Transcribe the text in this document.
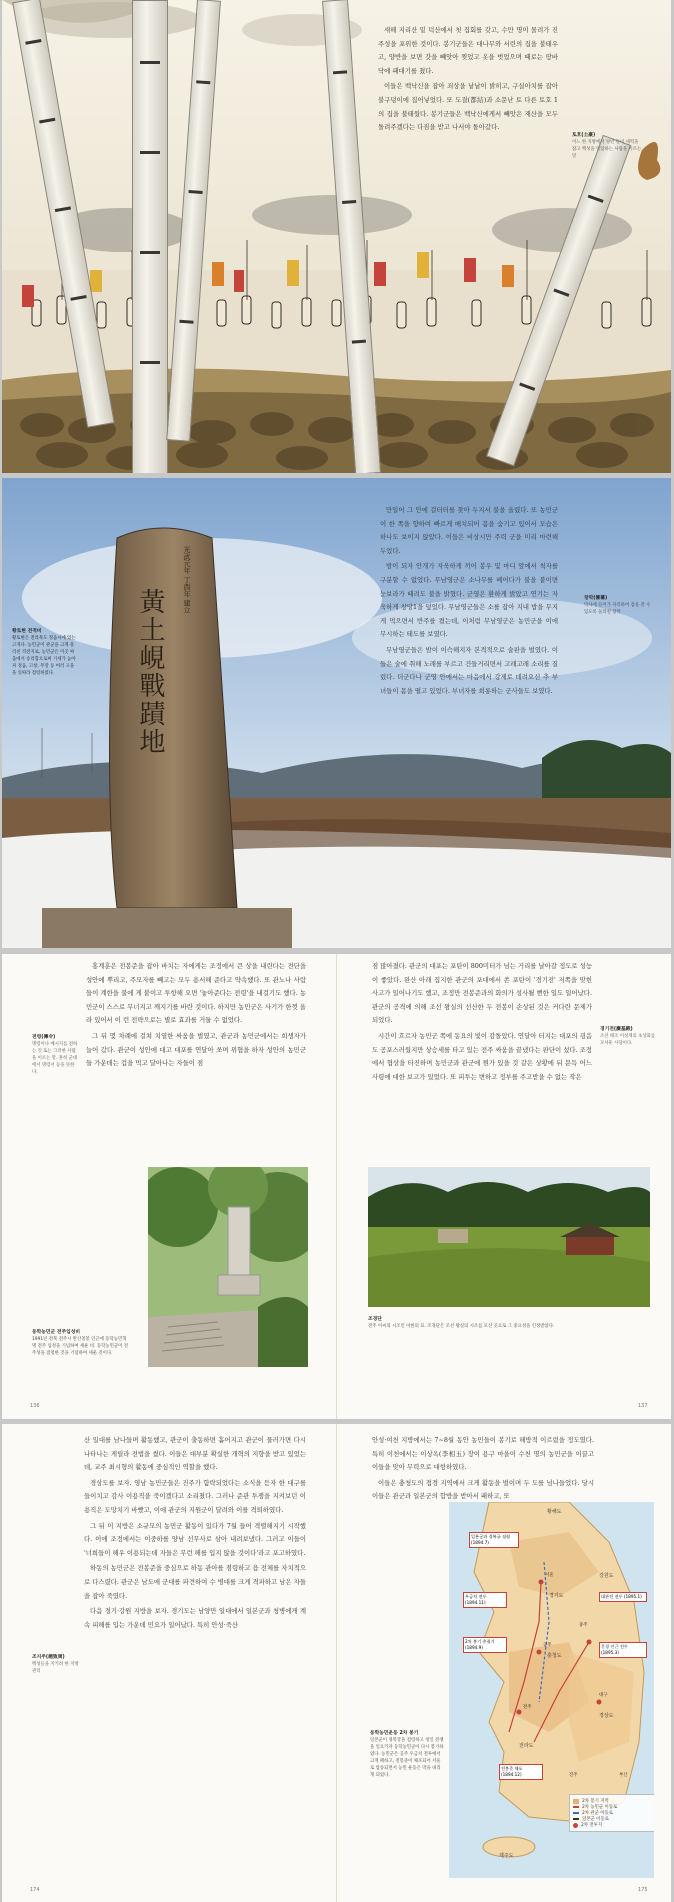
새해 지리산 밑 덕산에서 첫 집회를 갖고, 수만 명이 몰려가 진주성을 포위한 것이다. 봉기군들은 대나무와 서린의 집을 불태우고, 양반을 보면 갓을 빼앗아 찢었고 옷을 벗었으며 때로는 땅바닥에 패대기를 쳤다.

이들은 백낙신을 잡아 죄상을 낱낱이 밝히고, 구실아치를 잡아 불구덩이에 집어넣었다. 또 도결(都結)과 소문난 토 다른 토호 1의 집을 불태웠다. 봉기군들은 백낙신에게서 빼앗은 재산을 모두 돌려주겠다는 다짐을 받고 나서야 돌아갔다.

토호(土豪)
어느 한 지방에서 양반 들이 세력을 잡고 백성을 억압하는 사람을 이르는 말
黃土峴戰蹟地
光武元年 丁酉年 建立

만일어 그 안에 걸터터를 찾아 두지서 불을 올렸다. 또 농민군이 한 쪽을 향하여 빠르게 매치되어 몸을 숨기고 있어서 모습은 하나도 보이지 않았다. 이들은 비상시만 주력 군을 미리 마련해 두었다.

밤이 되자 안개가 자욱하게 끼어 봉우 및 마디 앞에서 척자를 구분할 수 없었다. 무남영군은 소나무를 베어다가 불을 붙이면 눈보라가 때려도 불을 밝혔다. 군영은 환하게 밝았고 연기는 자욱하게 창망1을 덮었다. 무남영군들은 소를 잡아 지내 밥을 무지게 먹으면서 반주를 켰는데, 이처럼 무남영군은 농민군을 이에 무시하는 태도를 보였다.

무남영군들은 밤이 이슥해지자 본격적으로 술판을 벌였다. 이들은 술에 취해 노래를 부르고 건들거리면서 고래고래 소리를 질렀다. 더군다나 군영 안에서는 마음에서 강제로 데려오신 추 부녀들이 몸을 떨고 있었다. 부녀자를 희롱하는 군사들도 보였다.

창막(營幕)
막사에 들어가 자리하여 잠을 잘 수 있도록 둘러친 장막
황토현 전적비
황토현은 전라북도 정읍시에 있는 고개다. 농민군이 관군을 크게 물리친 격전지로, 농민군은 이곳 싸움에서 승리함으로써 기세가 높아져 정읍, 고창, 무장 등 여러 고을을 잇따라 점령하였다.

홍계훈은 전봉준을 잡아 바치는 자에게는 조정에서 큰 상을 내린다는 전단을 성안에 뿌리고, 주모자를 빼고는 모두 용서해 준다고 약속했다. 또 관노나 사람들이 계한을 불에 게 붙이고 투항해 오면 '놓아준다는 전령'을 내걸기도 했다. 농민군이 스스로 무너지고 깨지기를 바란 것이다. 하지만 농민군은 사기가 한껏 올라 있어서 이 런 전략으로는 별로 효과를 거둘 수 없었다.

그 뒤 몇 차례에 걸쳐 치열한 싸움을 벌였고, 관군과 농민군에서는 희생자가 늘어 갔다. 관군이 성안에 대고 대포를 연달아 쏘며 위협을 하자 성안의 농민군들 가운데는 겁을 먹고 달아나는 자들이 점

전령(傳令)
명령이나 메시지를 전하는 것 또는 그러한 사람을 이르는 말. 흔히 군대에서 명령서 등을 뜻한다.

점 많아졌다. 관군의 대포는 포탄이 800미터가 넘는 거리를 날아갈 정도로 성능이 좋았다. 완산 아래 집지한 관군의 포대에서 쏜 포탄이 '경기전' 저쪽을 맞힌 사고가 일어나기도 했고, 조정만 전봉준과의 화의가 성사될 뻔한 일도 일어났다. 관군의 공격에 의해 조선 왕실의 선산한 두 전봉이 손상된 것은 커다란 문제가 되었다.

시간이 흐르자 농민군 쪽에 동요의 빛이 감돌았다. 연달아 터지는 대포의 굉음도 공포스러웠지만 상승세를 타고 있는 전주 싸움을 끝냈다는 판단이 섰다. 조정에서 협상을 타진하며 농민군과 관군에 뭔가 있을 것 같은 상황에 뒤 문득 어느 사령에 대한 보고가 있었다. 또 피투는 변하고 정부를 주고받을 수 없는 작은

경기전(慶基殿)
조선 태조 이성계의 초상화를 모셔둔 사당이다.
동학농민군 전주입성비
1991년 전북 전주시 완산칠봉 인근에 동학농민혁명 전주 입성을 기념하여 세운 비. 동학농민군이 전주성을 점령한 것을 기념하여 세운 것이다.
조경단
전주 이씨의 시조인 이한의 묘. 조경단은 조선 왕실의 시조를 모신 곳으로 그 중요성을 인정받았다.
136	137

산 일대를 남나들며 활동했고, 관군이 출동하면 흩어지고 관군이 물러가면 다시 나타나는 게릴라 전법을 썼다. 이들은 대부분 확실한 개혁의 지향을 받고 있었는데, 교주 최시형의 활동에 중심적인 역할을 했다.

경상도를 보자. 영남 농민군들은 진주가 함락되었다는 소식을 듣자 한 대구를 들이치고 감사 이용직을 죽이겠다고 소리쳤다. 그러나 준관 투쟁을 지켜보던 이용직은 도망치기 바빴고, 이에 관군의 지원군이 달려와 이를 격퇴하였다.

그 뒤 이 지방은 소규모의 농민군 활동이 있다가 7월 들어 격렬해지기 시작했다. 이에 조정에서는 이중하를 양남 선무사로 삼아 내려보냈다. 그러고 이들이 '너희들이 해우 이용되는데 자들은 무런 해를 입지 않을 것이다'라고 포고하였다.

하동의 농민군은 전봉준을 중심으로 하동 관아를 점령하고 읍 전체를 자치적으로 다스렸다. 관군은 남도에 군대를 파견하여 수 병대를 크게 격파하고 남은 자들을 잡아 죽였다.

다음 경기·강원 지방을 보자. 경기도는 남양만 일대에서 일본군과 청병에게 계속 피해를 입는 가운데 민요가 일어났다. 특히 안성·죽산

조지주(趙致周)
백성들을 지키려 한 지방 관리

안성·여천 지방에서는 7~8월 동안 농민들이 봉기로 해방적 이르렀을 정도였다. 특히 이천에서는 이상옥(李相玉) 장이 용구 마을이 수천 명의 농민군을 이끌고 이들을 맞아 무력으로 대항하였다.

이들은 충청도의 접경 지역에서 크게 활동을 벌이며 두 도를 넘나들었다. 당시 이들은 관군과 일본군의 합방을 받아서 패하고, 또

황해도
강원도
경기도
충청도
전라도
경상도
제주도
서울
충주
공주
전주
대구
진주	부산
일본군과 경복궁 점령 (1894.7)
우금치 전투 (1894.11)
2차 봉기 총궐기 (1894.9)
전봉준 체포 (1894.12)
대관전 전투 (1895.1)
문경 인근 전투 (1895.3)
2차 봉기 지역
2차 농민군 이동로
2차 관군 이동로
일본군 이동로
2차 전투지
동학농민운동 2차 봉기
일본군이 경복궁을 점령하고 청일 전쟁을 일으키자 동학농민군이 다시 봉기하였다. 농민군은 공주 우금치 전투에서 크게 패하고, 전봉준이 체포되어 서울로 압송되면서 농민 운동은 막을 내리게 되었다.
174	175
